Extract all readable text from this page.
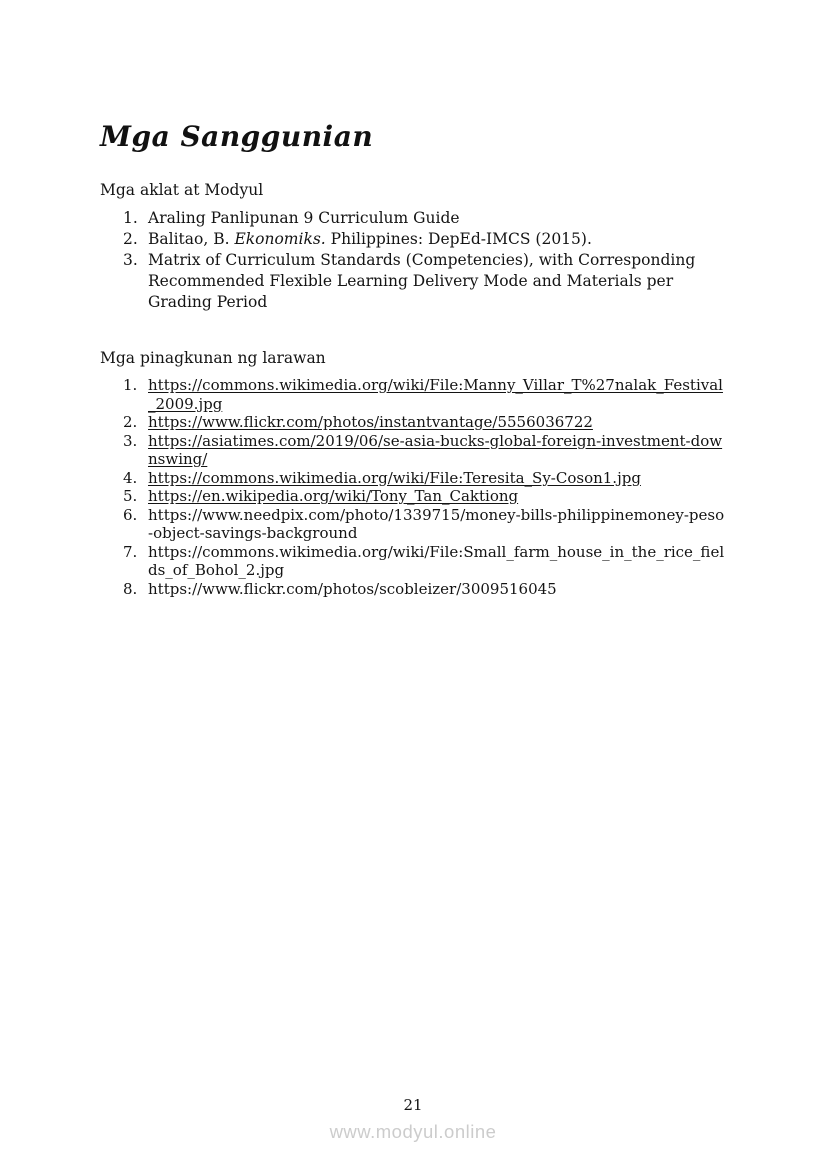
Mga Sanggunian

Mga aklat at Modyul

1. Araling Panlipunan 9 Curriculum Guide
2. Balitao, B. Ekonomiks. Philippines: DepEd-IMCS (2015).
3. Matrix of Curriculum Standards (Competencies), with Corresponding Recommended Flexible Learning Delivery Mode and Materials per Grading Period

Mga pinagkunan ng larawan

1. https://commons.wikimedia.org/wiki/File:Manny_Villar_T%27nalak_Festival_2009.jpg
2. https://www.flickr.com/photos/instantvantage/5556036722
3. https://asiatimes.com/2019/06/se-asia-bucks-global-foreign-investment-downswing/
4. https://commons.wikimedia.org/wiki/File:Teresita_Sy-Coson1.jpg
5. https://en.wikipedia.org/wiki/Tony_Tan_Caktiong
6. https://www.needpix.com/photo/1339715/money-bills-philippinemoney-peso-object-savings-background
7. https://commons.wikimedia.org/wiki/File:Small_farm_house_in_the_rice_fields_of_Bohol_2.jpg
8. https://www.flickr.com/photos/scobleizer/3009516045
21
www.modyul.online
